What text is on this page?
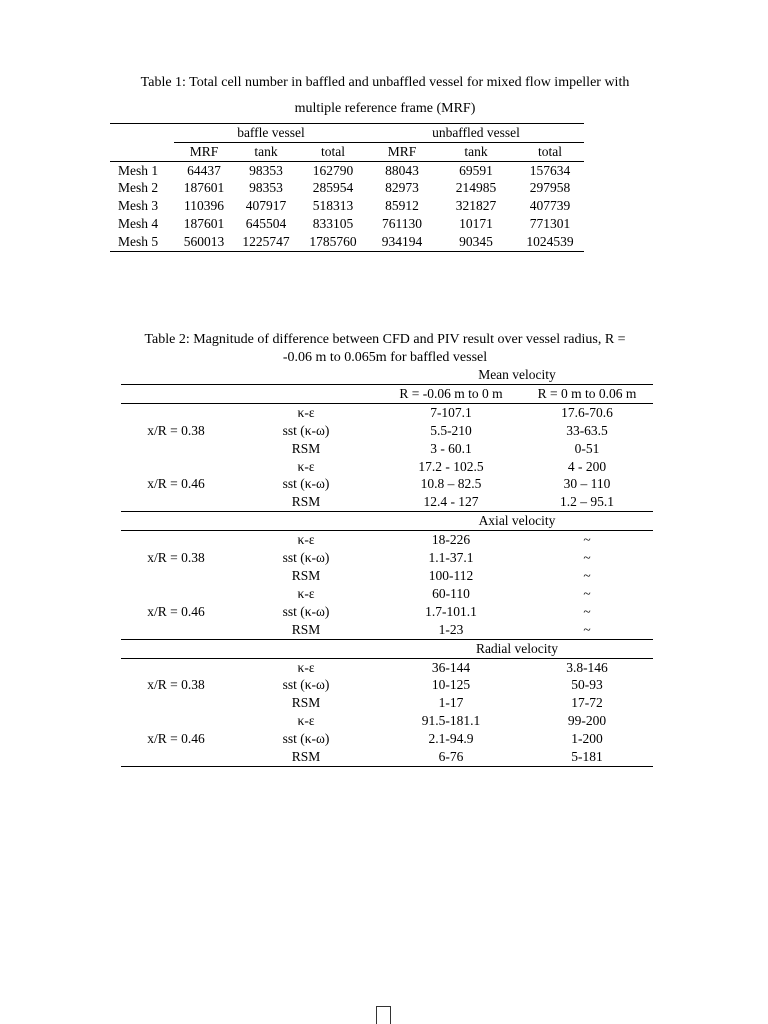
Table 1: Total cell number in baffled and unbaffled vessel for mixed flow impeller with
multiple reference frame (MRF)
	baffle vessel			unbaffled vessel		
	MRF	tank	total	MRF	tank	total
Mesh 1	64437	98353	162790	88043	69591	157634
Mesh 2	187601	98353	285954	82973	214985	297958
Mesh 3	110396	407917	518313	85912	321827	407739
Mesh 4	187601	645504	833105	761130	10171	771301
Mesh 5	560013	1225747	1785760	934194	90345	1024539
Table 2: Magnitude of difference between CFD and PIV result over vessel radius, R =
-0.06 m to 0.065m for baffled vessel
		Mean velocity	
		R = -0.06 m to 0 m	R = 0 m to 0.06 m
x/R = 0.38	κ-ε	7-107.1	17.6-70.6
	sst (κ-ω)	5.5-210	33-63.5
	RSM	3 - 60.1	0-51
x/R = 0.46	κ-ε	17.2 - 102.5	4 - 200
	sst (κ-ω)	10.8 – 82.5	30 – 110
	RSM	12.4 - 127	1.2 – 95.1
		Axial velocity	
x/R = 0.38	κ-ε	18-226	~
	sst (κ-ω)	1.1-37.1	~
	RSM	100-112	~
x/R = 0.46	κ-ε	60-110	~
	sst (κ-ω)	1.7-101.1	~
	RSM	1-23	~
		Radial velocity	
x/R = 0.38	κ-ε	36-144	3.8-146
	sst (κ-ω)	10-125	50-93
	RSM	1-17	17-72
x/R = 0.46	κ-ε	91.5-181.1	99-200
	sst (κ-ω)	2.1-94.9	1-200
	RSM	6-76	5-181
